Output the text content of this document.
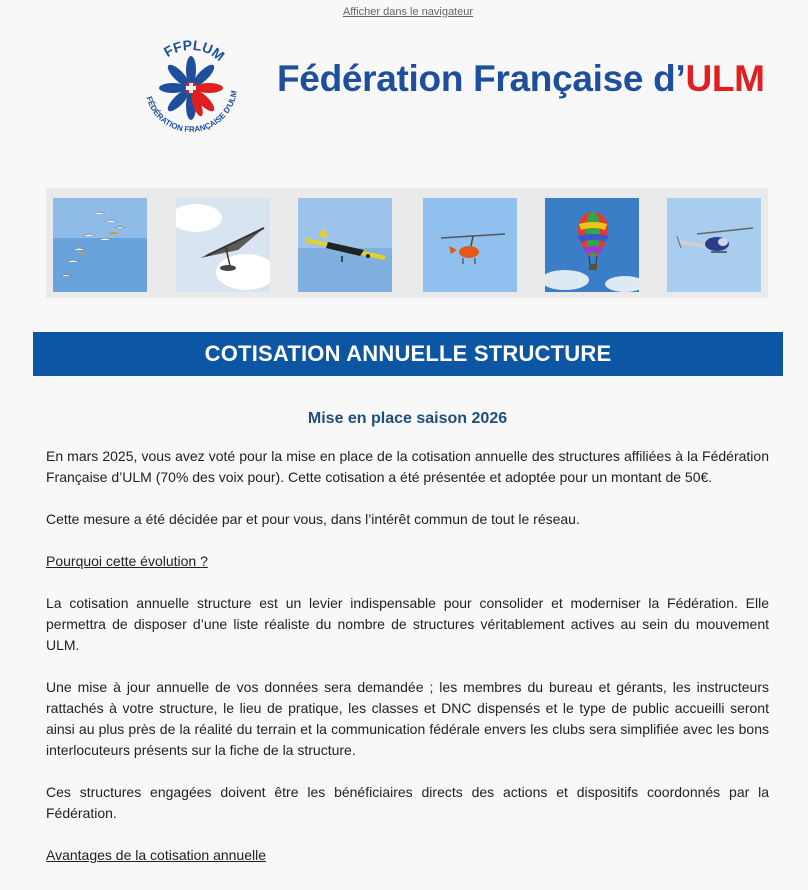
Afficher dans le navigateur
FFPLUM
FÉDÉRATION FRANÇAISE D'ULM Fédération Française d’ULM
COTISATION ANNUELLE STRUCTURE

Mise en place saison 2026

En mars 2025, vous avez voté pour la mise en place de la cotisation annuelle des structures affiliées à la Fédération Française d’ULM (70% des voix pour). Cette cotisation a été présentée et adoptée pour un montant de 50€.

Cette mesure a été décidée par et pour vous, dans l’intérêt commun de tout le réseau.

Pourquoi cette évolution ?

La cotisation annuelle structure est un levier indispensable pour consolider et moderniser la Fédération. Elle permettra de disposer d’une liste réaliste du nombre de structures véritablement actives au sein du mouvement ULM.

Une mise à jour annuelle de vos données sera demandée ; les membres du bureau et gérants, les instructeurs rattachés à votre structure, le lieu de pratique, les classes et DNC dispensés et le type de public accueilli seront ainsi au plus près de la réalité du terrain et la communication fédérale envers les clubs sera simplifiée avec les bons interlocuteurs présents sur la fiche de la structure.

Ces structures engagées doivent être les bénéficiaires directs des actions et dispositifs coordonnés par la Fédération.

Avantages de la cotisation annuelle
